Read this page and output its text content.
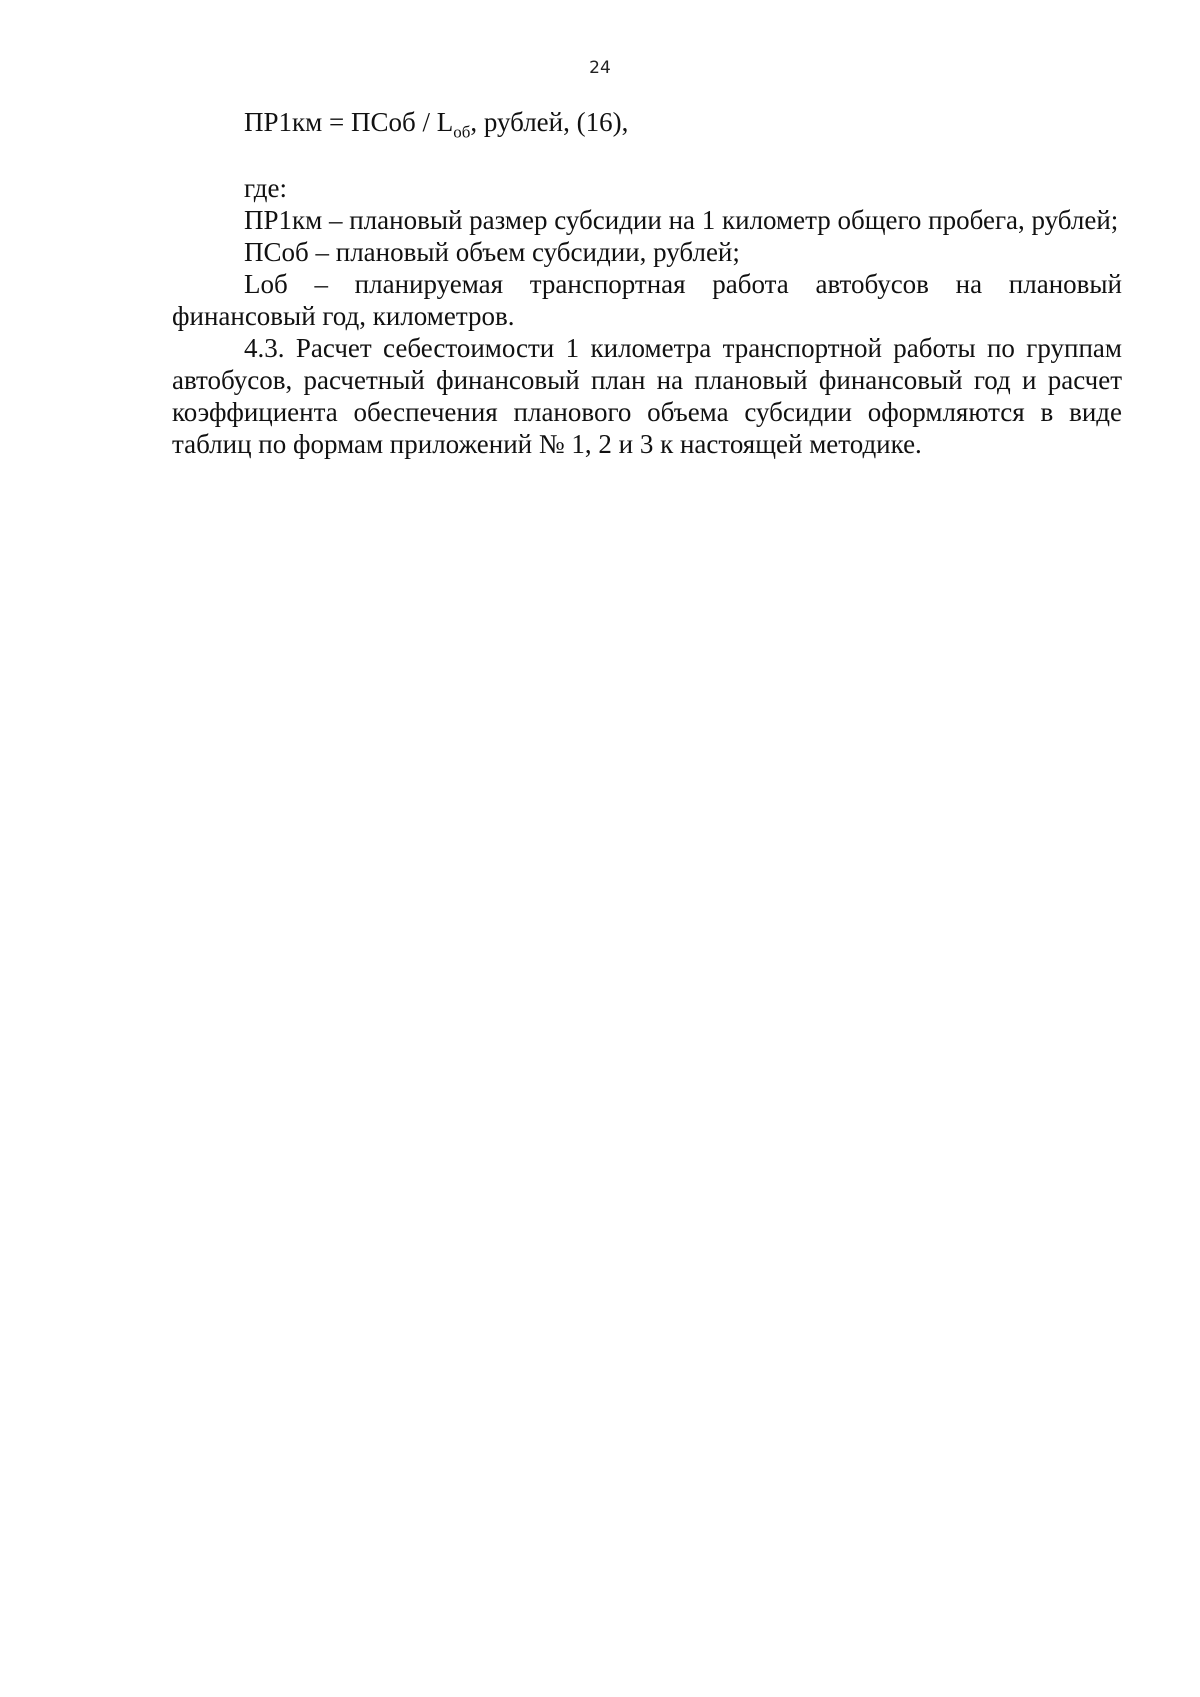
24

ПР1км = ПСоб / $L_{об}$, рублей, (16),

где:

ПР1км – плановый размер субсидии на 1 километр общего пробега, рублей;

ПСоб – плановый объем субсидии, рублей;

Lоб – планируемая транспортная работа автобусов на плановый финансовый год, километров.

4.3. Расчет себестоимости 1 километра транспортной работы по группам автобусов, расчетный финансовый план на плановый финансовый год и расчет коэффициента обеспечения планового объема субсидии оформляются в виде таблиц по формам приложений № 1, 2 и 3 к настоящей методике.
